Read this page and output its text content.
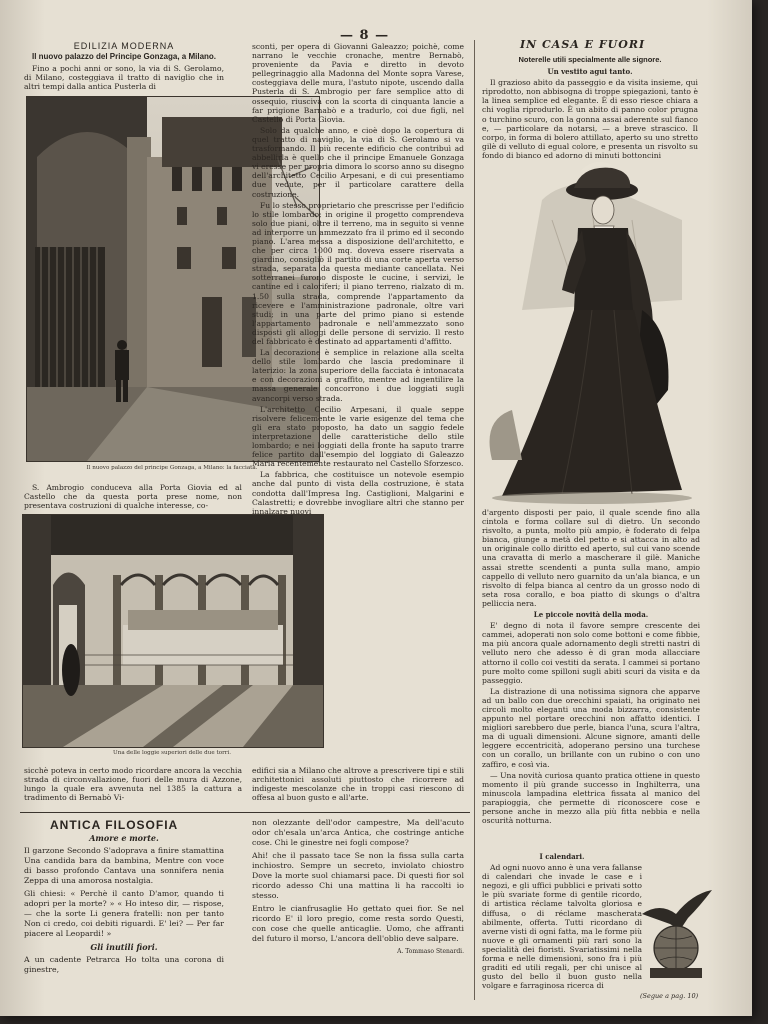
— 8 —
EDILIZIA MODERNA
Il nuovo palazzo del Principe Gonzaga, a Milano.

Fino a pochi anni or sono, la via di S. Gerolamo, di Milano, costeggiava il tratto di naviglio che in altri tempi dalla antica Pusterla di

Il nuovo palazzo del principe Gonzaga, a Milano: la facciata.

S. Ambrogio conduceva alla Porta Giovia ed al Castello che da questa porta prese nome, non presentava costruzioni di qualche interesse, co-

Una delle loggie superiori delle due torri.

sconti, per opera di Giovanni Galeazzo; poichè, come narrano le vecchie cronache, mentre Bernabò, proveniente da Pavia e diretto in devoto pellegrinaggio alla Madonna del Monte sopra Varese, costeggiava delle mura, l'astuto nipote, uscendo dalla Pusterla di S. Ambrogio per fare semplice atto di ossequio, riusciva con la scorta di cinquanta lancie a far prigione Barnabò e a tradurlo, coi due figli, nel Castello di Porta Giovia.

Solo da qualche anno, e cioè dopo la copertura di quel tratto di naviglio, la via di S. Gerolamo si va trasformando. Il più recente edificio che contribuì ad abbellirla è quello che il principe Emanuele Gonzaga vi eresse per propria dimora lo scorso anno su disegno dell'architetto Cecilio Arpesani, e di cui presentiamo due vedute, per il particolare carattere della costruzione.

Fu lo stesso proprietario che prescrisse per l'edificio lo stile lombardo; in origine il progetto comprendeva solo due piani, oltre il terreno, ma in seguito si venne ad interporre un ammezzato fra il primo ed il secondo piano. L'area messa a disposizione dell'architetto, e che per circa 1000 mq. doveva essere riservata a giardino, consigliò il partito di una corte aperta verso strada, separata da questa mediante cancellata. Nei sotterranei furono disposte le cucine, i servizi, le cantine ed i caloriferi; il piano terreno, rialzato di m. 1.50 sulla strada, comprende l'appartamento da ricevere e l'amministrazione padronale, oltre vari studi; in una parte del primo piano si estende l'appartamento padronale e nell'ammezzato sono disposti gli alloggi delle persone di servizio. Il resto del fabbricato è destinato ad appartamenti d'affitto.

La decorazione è semplice in relazione alla scelta dello stile lombardo che lascia predominare il laterizio: la zona superiore della facciata è intonacata e con decorazioni a graffito, mentre ad ingentilire la massa generale concorrono i due loggiati sugli avancorpi verso strada.

L'architetto Cecilio Arpesani, il quale seppe risolvere felicemente le varie esigenze del tema che gli era stato proposto, ha dato un saggio fedele interpretazione delle caratteristiche dello stile lombardo; e nei loggiati della fronte ha saputo trarre felice partito dall'esempio del loggiato di Galeazzo Maria recentemente restaurato nel Castello Sforzesco.

La fabbrica, che costituisce un notevole esempio anche dal punto di vista della costruzione, è stata condotta dall'Impresa Ing. Castiglioni, Malgarini e Calastretti; e dovrebbe invogliare altri che stanno per innalzare nuovi

sicchè poteva in certo modo ricordare ancora la vecchia strada di circonvallazione, fuori delle mura di Azzone, lungo la quale era avvenuta nel 1385 la cattura a tradimento di Bernabò Vi-

edifici sia a Milano che altrove a prescrivere tipi e stili architettonici assoluti piuttosto che ricorrere ad indigeste mescolanze che in troppi casi riescono di offesa al buon gusto e all'arte.

ANTICA FILOSOFIA
Amore e morte.

Il garzone Secondo S'adoprava a finire stamattina Una candida bara da bambina, Mentre con voce di basso profondo Cantava una sonnifera nenia Zeppa di una amorosa nostalgia.

Gli chiesi: « Perchè il canto D'amor, quando ti adopri per la morte? » « Ho inteso dir, — rispose, — che la sorte Li genera fratelli: non per tanto Non ci credo, coi debiti riguardi. E' lei? — Per far piacere al Leopardi! »

Gli inutili fiori.

A un cadente Petrarca Ho tolta una corona di ginestre,

non olezzante dell'odor campestre, Ma dell'acuto odor ch'esala un'arca Antica, che costringe antiche cose. Chi le ginestre nei fogli compose?

Ahi! che il passato tace Se non la fissa sulla carta inchiostro. Sempre un secreto, inviolato chiostro Dove la morte suol chiamarsi pace. Di questi fior sol ricordo adesso Chi una mattina li ha raccolti io stesso.

Entro le cianfrusaglie Ho gettato quei fior. Se nel ricordo E' il loro pregio, come resta sordo Questi, con cose che quelle anticaglie. Uomo, che affranti del futuro il morso, L'ancora dell'oblio deve salpare.

A. Tommaso Stenardi.
IN CASA E FUORI
Noterelle utili specialmente alle signore.
Un vestito agui tanto.

Il grazioso abito da passeggio e da visita insieme, qui riprodotto, non abbisogna di troppe spiegazioni, tanto è la linea semplice ed elegante. È di esso riesce chiara a chi voglia riprodurlo. È un abito di panno color prugna o turchino scuro, con la gonna assai aderente sul fianco e, — particolare da notarsi, — a breve strascico. Il corpo, in forma di bolero attillato, aperto su uno stretto gilè di velluto di egual colore, e presenta un risvolto su fondo di bianco ed adorno di minuti bottoncini

d'argento disposti per paio, il quale scende fino alla cintola e forma collare sul di dietro. Un secondo risvolto, a punta, molto più ampio, è foderato di felpa bianca, giunge a metà del petto e si attacca in alto ad un originale collo diritto ed aperto, sul cui vano scende una cravatta di merlo a mascherare il gilè. Maniche assai strette scendenti a punta sulla mano, ampio cappello di velluto nero guarnito da un'ala bianca, e un risvolto di felpa bianca al centro da un grosso nodo di seta rosa corallo, e boa piatto di skungs o d'altra pelliccia nera.

Le piccole novità della moda.

E' degno di nota il favore sempre crescente dei cammei, adoperati non solo come bottoni e come fibbie, ma più ancora quale adornamento degli stretti nastri di velluto nero che adesso è di gran moda allacciare attorno il collo coi vestiti da serata. I cammei si portano pure molto come spilloni sugli abiti scuri da visita e da passeggio.

La distrazione di una notissima signora che apparve ad un ballo con due orecchini spaiati, ha originato nei circoli molto eleganti una moda bizzarra, consistente appunto nel portare orecchini non affatto identici. I migliori sarebbero due perle, bianca l'una, scura l'altra, ma di uguali dimensioni. Alcune signore, amanti delle leggere eccentricità, adoperano persino una turchese con un corallo, un brillante con un rubino o con uno zaffiro, e così via.

— Una novità curiosa quanto pratica ottiene in questo momento il più grande successo in Inghilterra, una minuscola lampadina elettrica fissata al manico del parapioggia, che permette di riconoscere cose e persone anche in mezzo alla più fitta nebbia e nella oscurità notturna.

I calendari.

Ad ogni nuovo anno è una vera fallanse di calendari che invade le case e i negozi, e gli uffici pubblici e privati sotto le più svariate forme di gentile ricordo, di artistica réclame talvolta gloriosa e diffusa, o di réclame mascherata abilmente, offerta. Tutti ricordano di averne visti di ogni fatta, ma le forme più nuove e gli ornamenti più rari sono la specialità dei fioristi. Svariatissimi nella forma e nelle dimensioni, sono fra i più graditi ed utili regali, per chi unisce al gusto del bello il buon gusto nella volgare e farraginosa ricerca di

(Segue a pag. 10)
